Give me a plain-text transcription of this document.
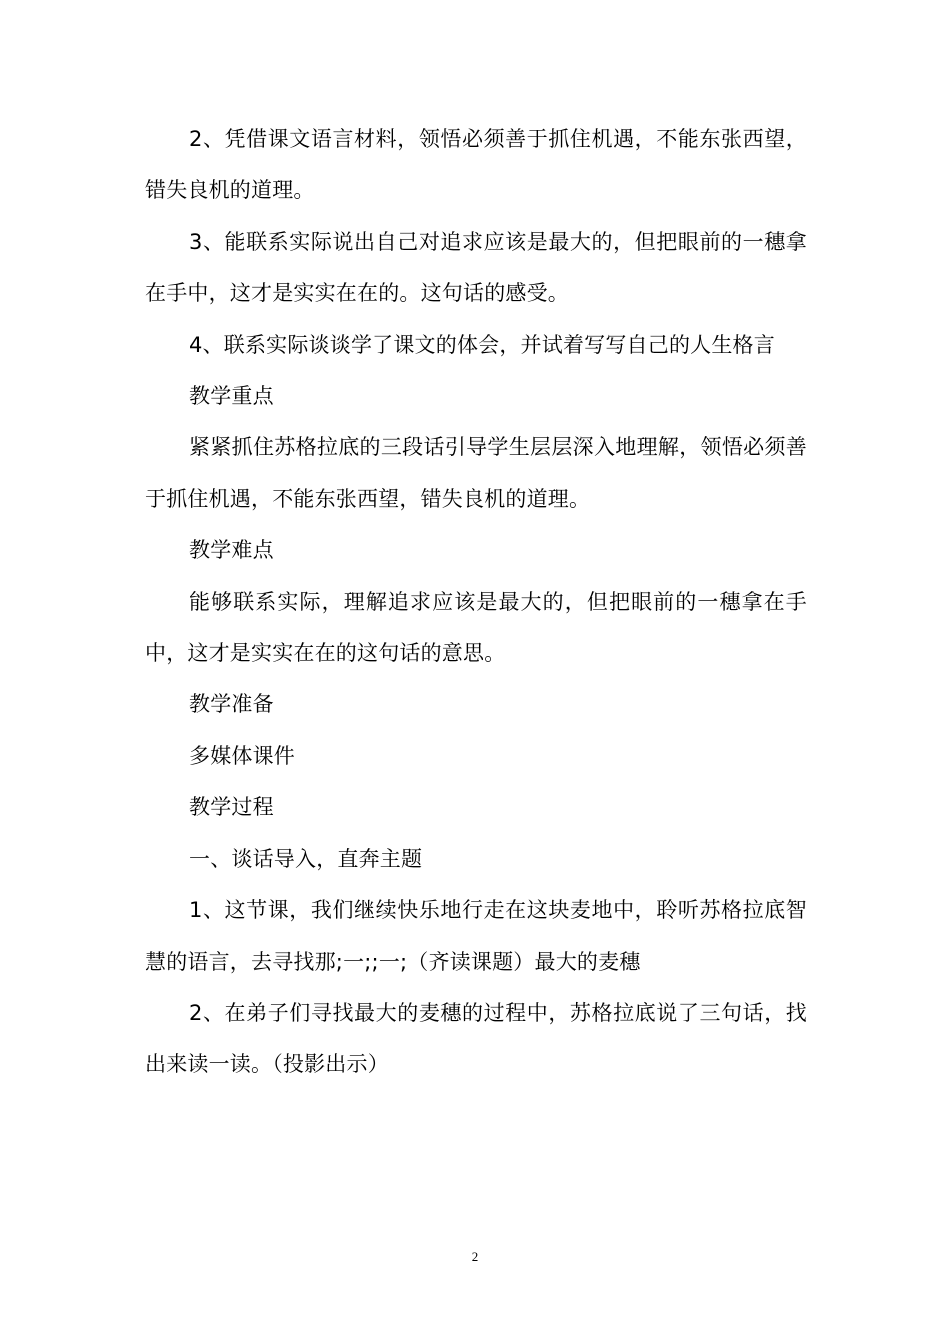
2、凭借课文语言材料，领悟必须善于抓住机遇，不能东张西望，错失良机的道理。

3、能联系实际说出自己对追求应该是最大的，但把眼前的一穗拿在手中，这才是实实在在的。这句话的感受。

4、联系实际谈谈学了课文的体会，并试着写写自己的人生格言

教学重点

紧紧抓住苏格拉底的三段话引导学生层层深入地理解，领悟必须善于抓住机遇，不能东张西望，错失良机的道理。

教学难点

能够联系实际，理解追求应该是最大的，但把眼前的一穗拿在手中，这才是实实在在的这句话的意思。

教学准备

多媒体课件

教学过程

一、谈话导入，直奔主题

1、这节课，我们继续快乐地行走在这块麦地中，聆听苏格拉底智慧的语言，去寻找那;一;;一;（齐读课题）最大的麦穗

2、在弟子们寻找最大的麦穗的过程中，苏格拉底说了三句话，找出来读一读。（投影出示）

2
